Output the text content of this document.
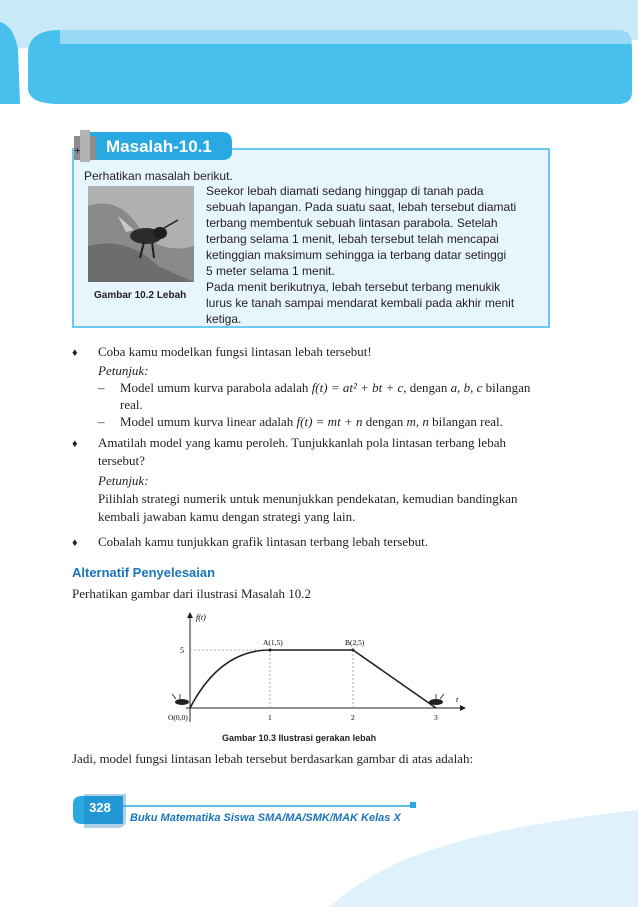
+ Masalah-10.1
Perhatikan masalah berikut.
Gambar 10.2 Lebah

Seekor lebah diamati sedang hinggap di tanah pada

sebuah lapangan. Pada suatu saat, lebah tersebut diamati

terbang membentuk sebuah lintasan parabola. Setelah

terbang selama 1 menit, lebah tersebut telah mencapai

ketinggian maksimum sehingga ia terbang datar setinggi

5 meter selama 1 menit.

Pada menit berikutnya, lebah tersebut terbang menukik

lurus ke tanah sampai mendarat kembali pada akhir menit

ketiga.

♦ Coba kamu modelkan fungsi lintasan lebah tersebut!

Petunjuk:

– Model umum kurva parabola adalah f(t) = at² + bt + c, dengan a, b, c bilangan

real.

– Model umum kurva linear adalah f(t) = mt + n dengan m, n bilangan real.

♦ Amatilah model yang kamu peroleh. Tunjukkanlah pola lintasan terbang lebah

tersebut?

Petunjuk:

Pilihlah strategi numerik untuk menunjukkan pendekatan, kemudian bandingkan

kembali jawaban kamu dengan strategi yang lain.

♦ Cobalah kamu tunjukkan grafik lintasan terbang lebah tersebut.

Alternatif Penyelesaian

Perhatikan gambar dari ilustrasi Masalah 10.2

f(t)
t
5
O(0,0)	1	2	3
A(1,5)	B(2,5)
Gambar 10.3 Ilustrasi gerakan lebah

Jadi, model fungsi lintasan lebah tersebut berdasarkan gambar di atas adalah:

328
Buku Matematika Siswa SMA/MA/SMK/MAK Kelas X
